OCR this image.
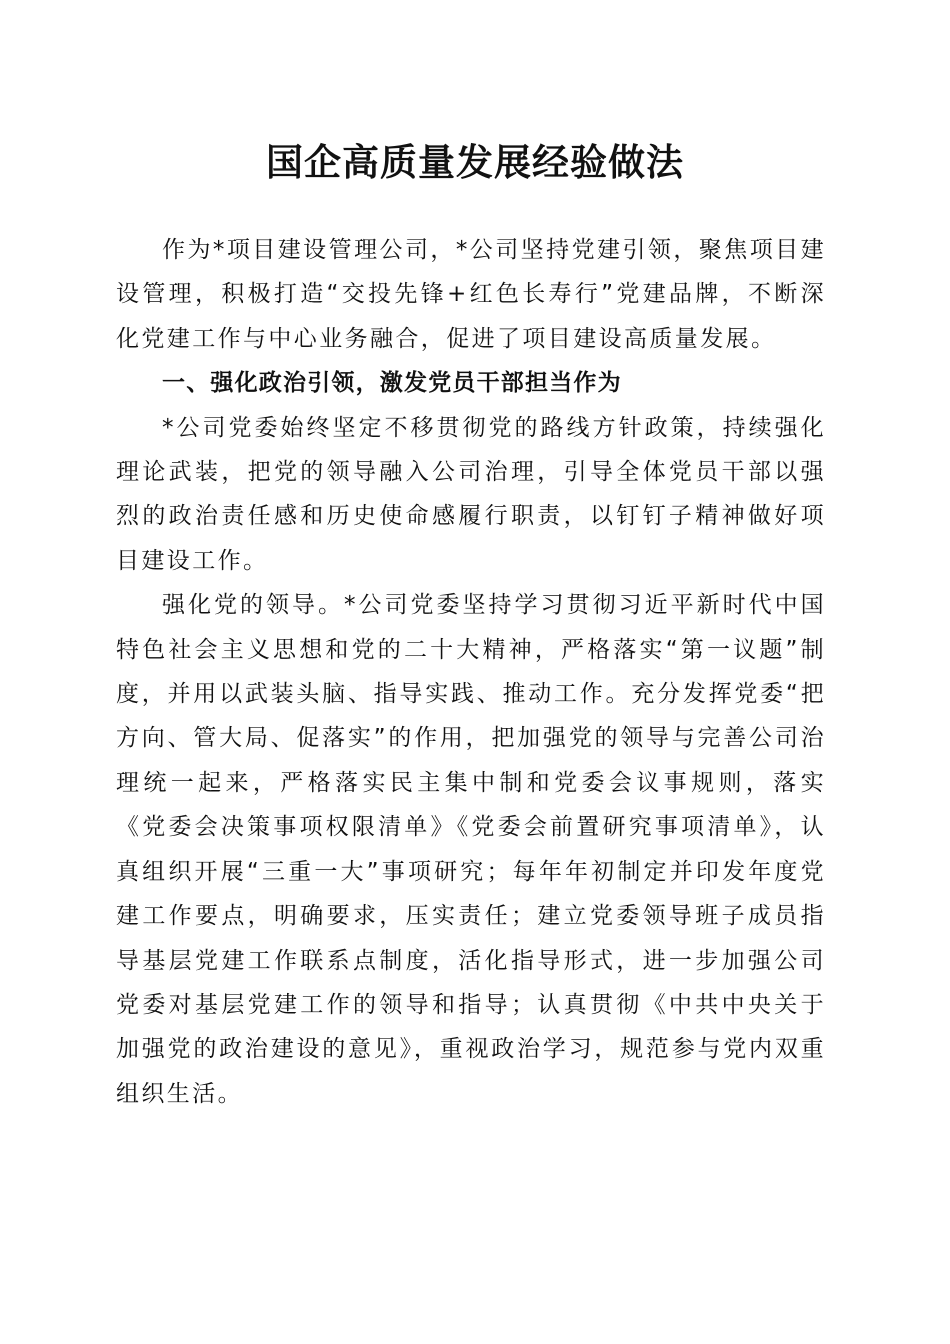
国企高质量发展经验做法

作为*项目建设管理公司，*公司坚持党建引领，聚焦项目建设管理，积极打造“交投先锋+红色长寿行”党建品牌，不断深化党建工作与中心业务融合，促进了项目建设高质量发展。

一、强化政治引领，激发党员干部担当作为

*公司党委始终坚定不移贯彻党的路线方针政策，持续强化理论武装，把党的领导融入公司治理，引导全体党员干部以强烈的政治责任感和历史使命感履行职责，以钉钉子精神做好项目建设工作。

强化党的领导。*公司党委坚持学习贯彻习近平新时代中国特色社会主义思想和党的二十大精神，严格落实“第一议题”制度，并用以武装头脑、指导实践、推动工作。充分发挥党委“把方向、管大局、促落实”的作用，把加强党的领导与完善公司治理统一起来，严格落实民主集中制和党委会议事规则，落实《党委会决策事项权限清单》《党委会前置研究事项清单》，认真组织开展“三重一大”事项研究；每年年初制定并印发年度党建工作要点，明确要求，压实责任；建立党委领导班子成员指导基层党建工作联系点制度，活化指导形式，进一步加强公司党委对基层党建工作的领导和指导；认真贯彻《中共中央关于加强党的政治建设的意见》，重视政治学习，规范参与党内双重组织生活。
